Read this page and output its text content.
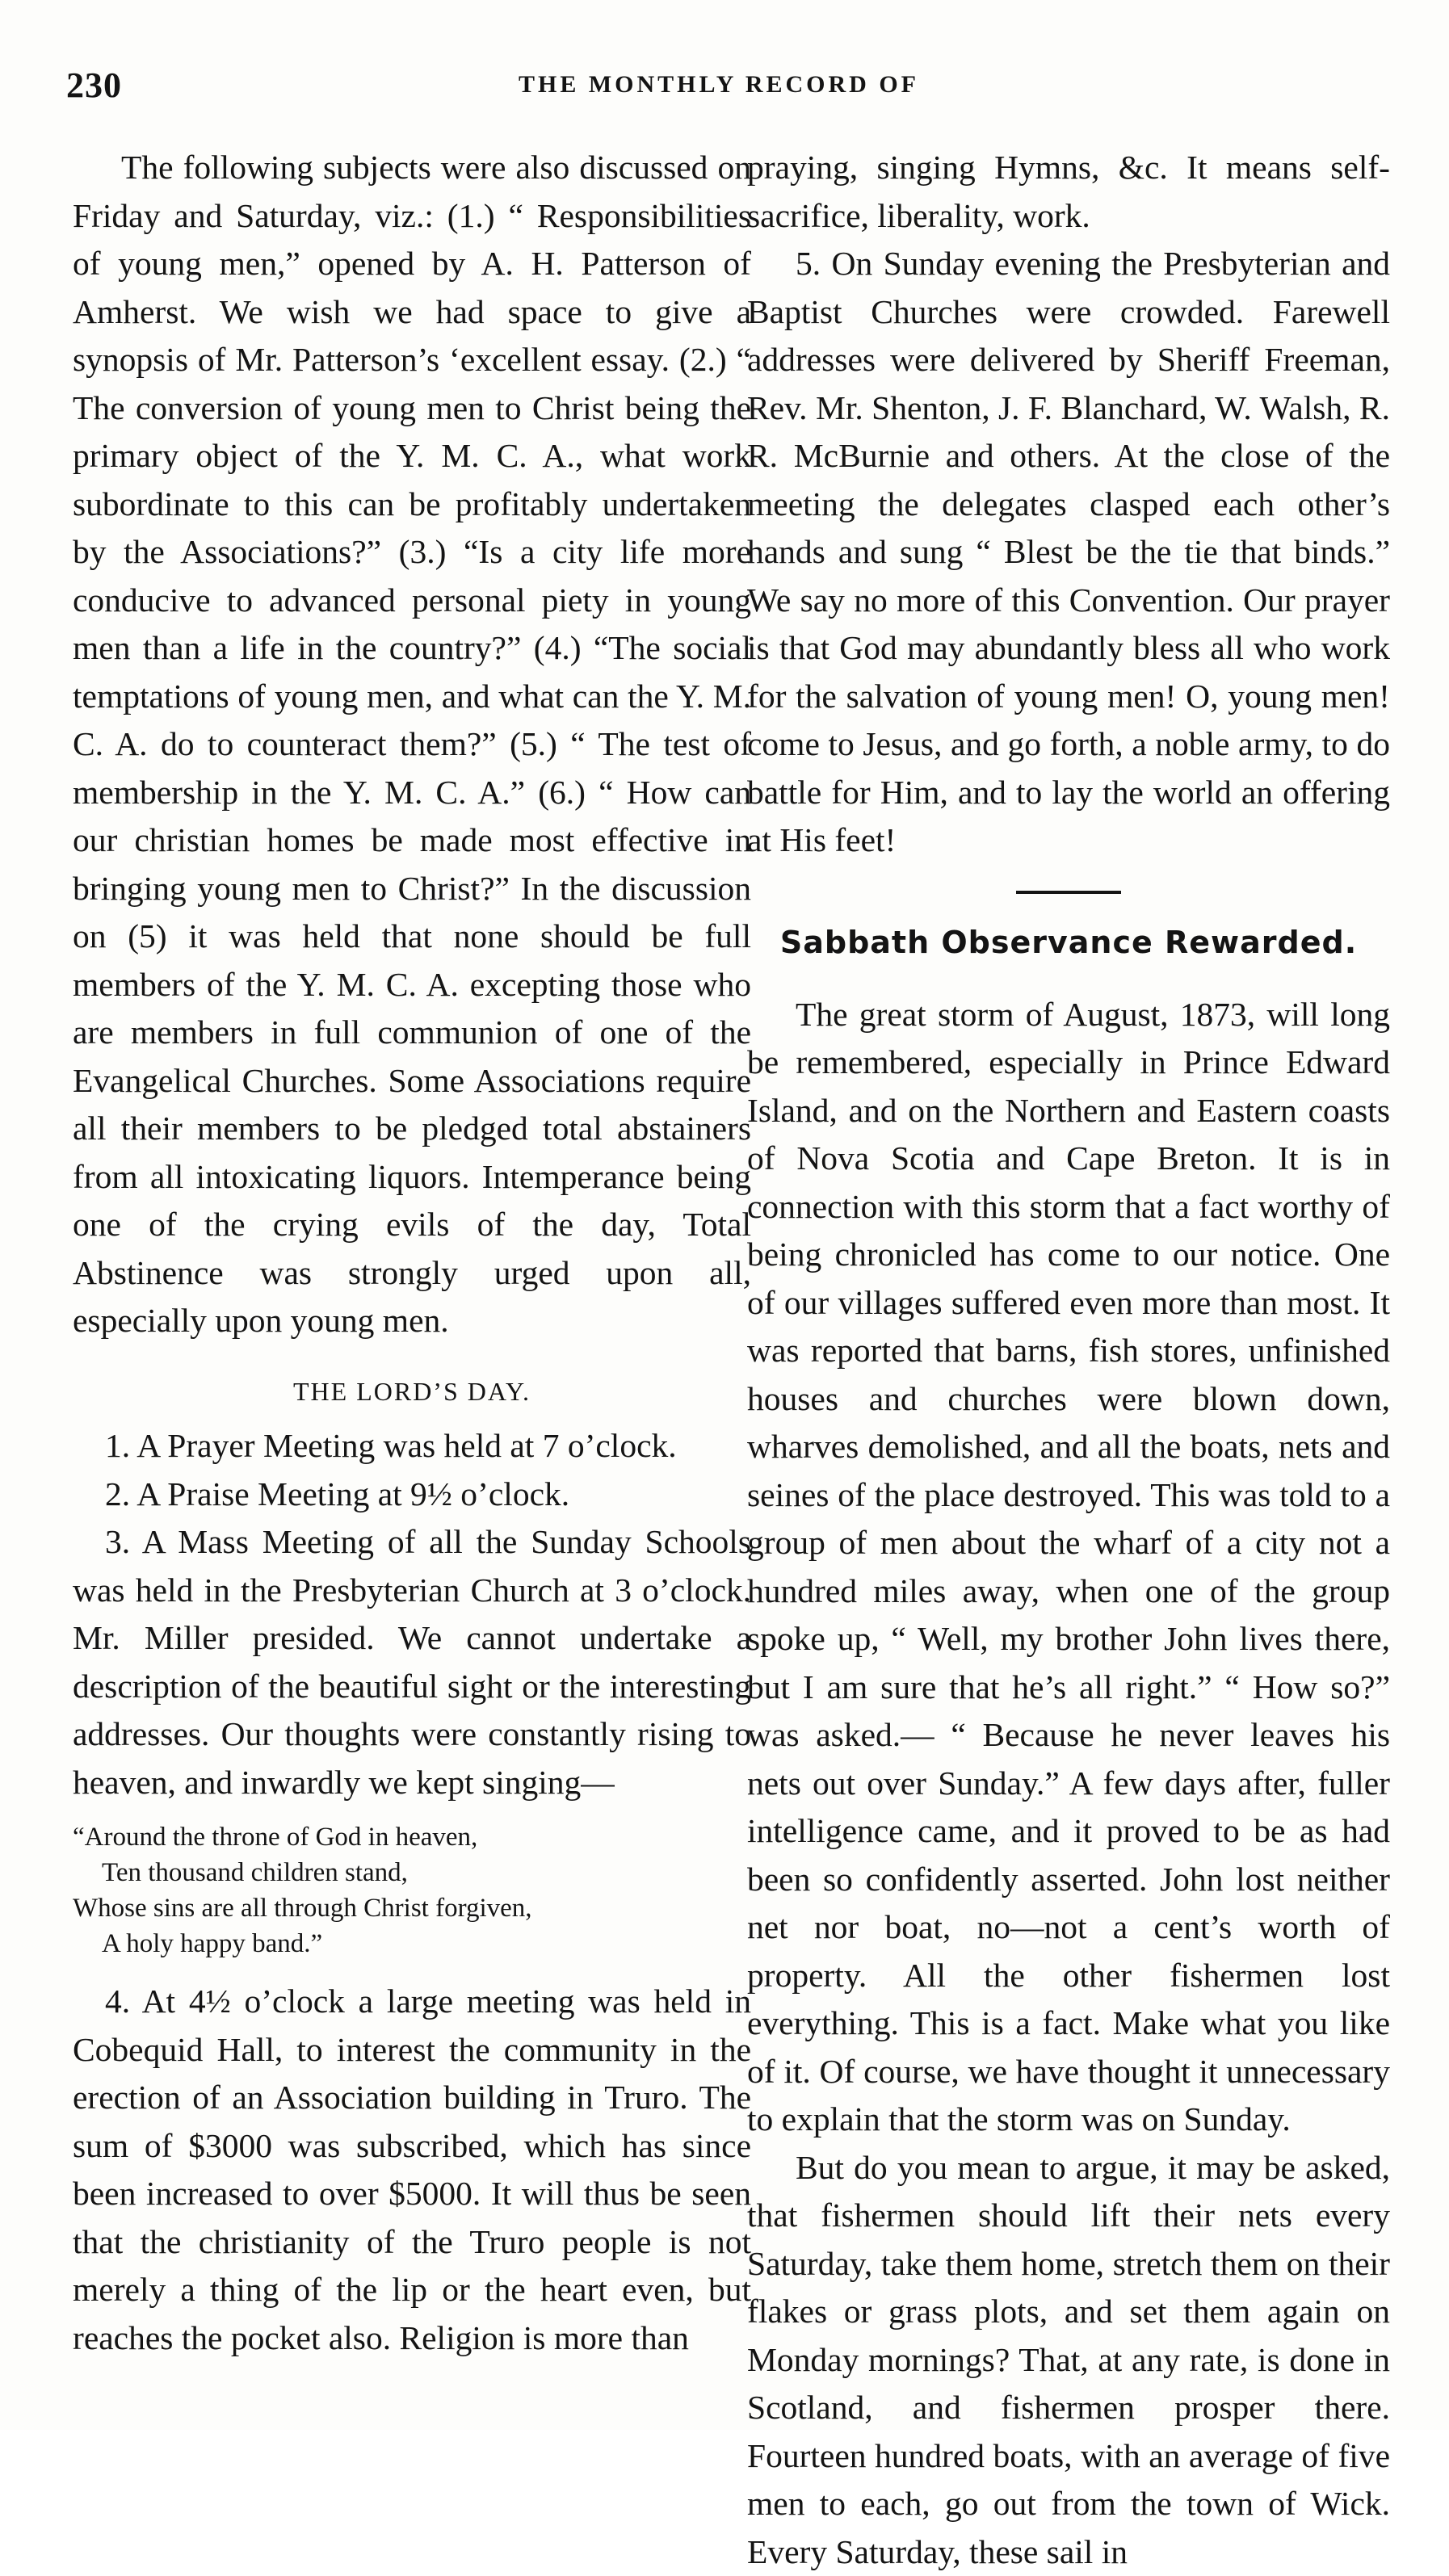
230	THE MONTHLY RECORD OF

The following subjects were also discussed on Friday and Saturday, viz.: (1.) “ Responsibilities of young men,” opened by A. H. Patterson of Amherst. We wish we had space to give a synopsis of Mr. Patterson’s ‘excellent essay. (2.) “ The conversion of young men to Christ being the primary object of the Y. M. C. A., what work subordinate to this can be profitably undertaken by the Associations?” (3.) “Is a city life more conducive to advanced personal piety in young men than a life in the country?” (4.) “The social temptations of young men, and what can the Y. M. C. A. do to counteract them?” (5.) “ The test of membership in the Y. M. C. A.” (6.) “ How can our christian homes be made most effective in bringing young men to Christ?” In the discussion on (5) it was held that none should be full members of the Y. M. C. A. excepting those who are members in full communion of one of the Evangelical Churches. Some Associations require all their members to be pledged total abstainers from all intoxicating liquors. Intemperance being one of the crying evils of the day, Total Abstinence was strongly urged upon all, especially upon young men.

THE LORD’S DAY.

1. A Prayer Meeting was held at 7 o’clock.

2. A Praise Meeting at 9½ o’clock.

3. A Mass Meeting of all the Sunday Schools was held in the Presbyterian Church at 3 o’clock. Mr. Miller presided. We cannot undertake a description of the beautiful sight or the interesting addresses. Our thoughts were constantly rising to heaven, and inwardly we kept singing—

“Around the throne of God in heaven,
Ten thousand children stand,
Whose sins are all through Christ forgiven,
A holy happy band.”

4. At 4½ o’clock a large meeting was held in Cobequid Hall, to interest the community in the erection of an Association building in Truro. The sum of $3000 was subscribed, which has since been increased to over $5000. It will thus be seen that the christianity of the Truro people is not merely a thing of the lip or the heart even, but reaches the pocket also. Religion is more than

praying, singing Hymns, &c. It means self-sacrifice, liberality, work.

5. On Sunday evening the Presbyterian and Baptist Churches were crowded. Farewell addresses were delivered by Sheriff Freeman, Rev. Mr. Shenton, J. F. Blanchard, W. Walsh, R. R. McBurnie and others. At the close of the meeting the delegates clasped each other’s hands and sung “ Blest be the tie that binds.” We say no more of this Convention. Our prayer is that God may abundantly bless all who work for the salvation of young men! O, young men! come to Jesus, and go forth, a noble army, to do battle for Him, and to lay the world an offering at His feet!

Sabbath Observance Rewarded.

The great storm of August, 1873, will long be remembered, especially in Prince Edward Island, and on the Northern and Eastern coasts of Nova Scotia and Cape Breton. It is in connection with this storm that a fact worthy of being chronicled has come to our notice. One of our villages suffered even more than most. It was reported that barns, fish stores, unfinished houses and churches were blown down, wharves demolished, and all the boats, nets and seines of the place destroyed. This was told to a group of men about the wharf of a city not a hundred miles away, when one of the group spoke up, “ Well, my brother John lives there, but I am sure that he’s all right.” “ How so?” was asked.— “ Because he never leaves his nets out over Sunday.” A few days after, fuller intelligence came, and it proved to be as had been so confidently asserted. John lost neither net nor boat, no—not a cent’s worth of property. All the other fishermen lost everything. This is a fact. Make what you like of it. Of course, we have thought it unnecessary to explain that the storm was on Sunday.

But do you mean to argue, it may be asked, that fishermen should lift their nets every Saturday, take them home, stretch them on their flakes or grass plots, and set them again on Monday mornings? That, at any rate, is done in Scotland, and fishermen prosper there. Fourteen hundred boats, with an average of five men to each, go out from the town of Wick. Every Saturday, these sail in
